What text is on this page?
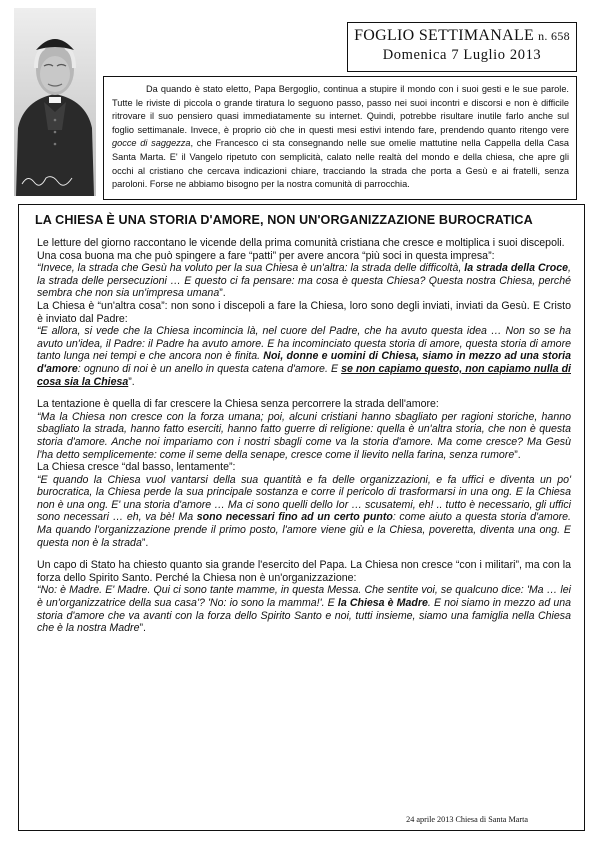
FOGLIO SETTIMANALE n. 658
Domenica 7 Luglio 2013
Da quando è stato eletto, Papa Bergoglio, continua a stupire il mondo con i suoi gesti e le sue parole. Tutte le riviste di piccola o grande tiratura lo seguono passo, passo nei suoi incontri e discorsi e non è difficile ritrovare il suo pensiero quasi immediatamente su internet. Quindi, potrebbe risultare inutile farlo anche sul foglio settimanale. Invece, è proprio ciò che in questi mesi estivi intendo fare, prendendo quanto ritengo vere gocce di saggezza, che Francesco ci sta consegnando nelle sue omelie mattutine nella Cappella della Casa Santa Marta. E' il Vangelo ripetuto con semplicità, calato nelle realtà del mondo e della chiesa, che apre gli occhi al cristiano che cercava indicazioni chiare, tracciando la strada che porta a Gesù e ai fratelli, senza paroloni. Forse ne abbiamo bisogno per la nostra comunità di parrocchia.
LA CHIESA È UNA STORIA D'AMORE, NON UN'ORGANIZZAZIONE BUROCRATICA

Le letture del giorno raccontano le vicende della prima comunità cristiana che cresce e moltiplica i suoi discepoli.

Una cosa buona ma che può spingere a fare “patti” per avere ancora “più soci in questa impresa”:

“Invece, la strada che Gesù ha voluto per la sua Chiesa è un'altra: la strada delle difficoltà, la strada della Croce, la strada delle persecuzioni … E questo ci fa pensare: ma cosa è questa Chiesa? Questa nostra Chiesa, perché sembra che non sia un'impresa umana”.

La Chiesa è “un'altra cosa”: non sono i discepoli a fare la Chiesa, loro sono degli inviati, inviati da Gesù. E Cristo è inviato dal Padre:

“E allora, si vede che la Chiesa incomincia là, nel cuore del Padre, che ha avuto questa idea … Non so se ha avuto un'idea, il Padre: il Padre ha avuto amore. E ha incominciato questa storia di amore, questa storia di amore tanto lunga nei tempi e che ancora non è finita. Noi, donne e uomini di Chiesa, siamo in mezzo ad una storia d'amore: ognuno di noi è un anello in questa catena d'amore. E se non capiamo questo, non capiamo nulla di cosa sia la Chiesa”.

La tentazione è quella di far crescere la Chiesa senza percorrere la strada dell'amore:

“Ma la Chiesa non cresce con la forza umana; poi, alcuni cristiani hanno sbagliato per ragioni storiche, hanno sbagliato la strada, hanno fatto eserciti, hanno fatto guerre di religione: quella è un'altra storia, che non è questa storia d'amore. Anche noi impariamo con i nostri sbagli come va la storia d'amore. Ma come cresce? Ma Gesù l'ha detto semplicemente: come il seme della senape, cresce come il lievito nella farina, senza rumore”.

La Chiesa cresce “dal basso, lentamente”:

“E quando la Chiesa vuol vantarsi della sua quantità e fa delle organizzazioni, e fa uffici e diventa un po' burocratica, la Chiesa perde la sua principale sostanza e corre il pericolo di trasformarsi in una ong. E la Chiesa non è una ong. E' una storia d'amore … Ma ci sono quelli dello Ior … scusatemi, eh! .. tutto è necessario, gli uffici sono necessari … eh, va bè! Ma sono necessari fino ad un certo punto: come aiuto a questa storia d'amore. Ma quando l'organizzazione prende il primo posto, l'amore viene giù e la Chiesa, poveretta, diventa una ong. E questa non è la strada”.

Un capo di Stato ha chiesto quanto sia grande l'esercito del Papa. La Chiesa non cresce “con i militari”, ma con la forza dello Spirito Santo. Perché la Chiesa non è un'organizzazione:

“No: è Madre. E' Madre. Qui ci sono tante mamme, in questa Messa. Che sentite voi, se qualcuno dice: 'Ma … lei è un'organizzatrice della sua casa'? 'No: io sono la mamma!'. E la Chiesa è Madre. E noi siamo in mezzo ad una storia d'amore che va avanti con la forza dello Spirito Santo e noi, tutti insieme, siamo una famiglia nella Chiesa che è la nostra Madre”.

24 aprile 2013 Chiesa di Santa Marta
